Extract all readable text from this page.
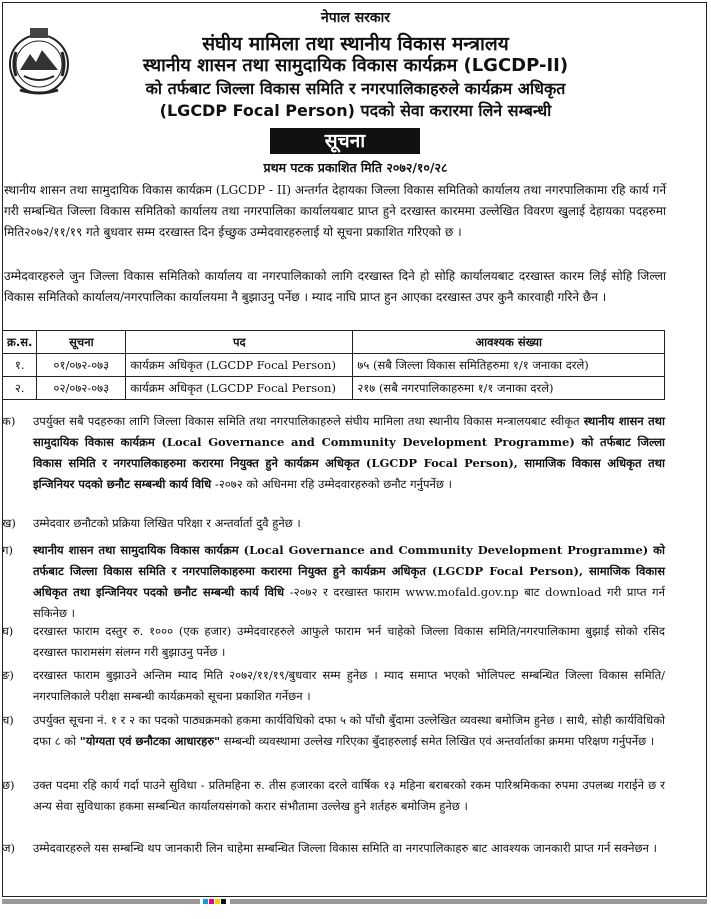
नेपाल सरकार
संघीय मामिला तथा स्थानीय विकास मन्त्रालय
स्थानीय शासन तथा सामुदायिक विकास कार्यक्रम (LGCDP-II)
को तर्फबाट जिल्ला विकास समिति र नगरपालिकाहरुले कार्यक्रम अधिकृत
(LGCDP Focal Person) पदको सेवा करारमा लिने सम्बन्धी
सूचना
प्रथम पटक प्रकाशित मिति २०७२/१०/२८
स्थानीय शासन तथा सामुदायिक विकास कार्यक्रम (LGCDP - II) अन्तर्गत देहायका जिल्ला विकास समितिको कार्यालय तथा नगरपालिकामा रहि कार्य गर्ने गरी सम्बन्धित जिल्ला विकास समितिको कार्यालय तथा नगरपालिका कार्यालयबाट प्राप्त हुने दरखास्त कारममा उल्लेखित विवरण खुलाई देहायका पदहरुमा मिति२०७२/११/१९ गते बुधवार सम्म दरखास्त दिन ईच्छुक उम्मेदवारहरुलाई यो सूचना प्रकाशित गरिएको छ ।
उम्मेदवारहरुले जुन जिल्ला विकास समितिको कार्यालय वा नगरपालिकाको लागि दरखास्त दिने हो सोहि कार्यालयबाट दरखास्त कारम लिई सोहि जिल्ला विकास समितिको कार्यालय/नगरपालिका कार्यालयमा नै बुझाउनु पर्नेछ । म्याद नाघि प्राप्त हुन आएका दरखास्त उपर कुनै कारवाही गरिने छैन ।
क्र.स.	सूचना	पद	आवश्यक संख्या
१.	०१/०७२-०७३	कार्यक्रम अधिकृत (LGCDP Focal Person)	७५ (सबै जिल्ला विकास समितिहरुमा १/१ जनाका दरले)
२.	०२/०७२-०७३	कार्यक्रम अधिकृत (LGCDP Focal Person)	२१७ (सबै नगरपालिकाहरुमा १/१ जनाका दरले)
क)	उपर्युक्त सबै पदहरुका लागि जिल्ला विकास समिति तथा नगरपालिकाहरुले संघीय मामिला तथा स्थानीय विकास मन्त्रालयबाट स्वीकृत स्थानीय शासन तथा सामुदायिक विकास कार्यक्रम (Local Governance and Community Development Programme) को तर्फबाट जिल्ला विकास समिति र नगरपालिकाहरुमा करारमा नियुक्त हुने कार्यक्रम अधिकृत (LGCDP Focal Person), सामाजिक विकास अधिकृत तथा इन्जिनियर पदको छनौट सम्बन्धी कार्य विधि -२०७२ को अधिनमा रहि उम्मेदवारहरुको छनौट गर्नुपर्नेछ ।
ख)	उम्मेदवार छनौटको प्रक्रिया लिखित परिक्षा र अन्तर्वार्ता दुवै हुनेछ ।
ग)	स्थानीय शासन तथा सामुदायिक विकास कार्यक्रम (Local Governance and Community Development Programme) को तर्फबाट जिल्ला विकास समिति र नगरपालिकाहरुमा करारमा नियुक्त हुने कार्यक्रम अधिकृत (LGCDP Focal Person), सामाजिक विकास अधिकृत तथा इन्जिनियर पदको छनौट सम्बन्धी कार्य विधि -२०७२ र दरखास्त फाराम www.mofald.gov.np बाट download गरी प्राप्त गर्न सकिनेछ ।
घ)	दरखास्त फाराम दस्तुर रु. १००० (एक हजार) उम्मेदवारहरुले आफुले फाराम भर्न चाहेको जिल्ला विकास समिति/नगरपालिकामा बुझाई सोको रसिद दरखास्त फारामसंग संलग्न गरी बुझाउनु पर्नेछ ।
ङ)	दरखास्त फाराम बुझाउने अन्तिम म्याद मिति २०७२/११/१९/बुधवार सम्म हुनेछ । म्याद समाप्त भएको भोलिपल्ट सम्बन्धित जिल्ला विकास समिति/नगरपालिकाले परीक्षा सम्बन्धी कार्यक्रमको सूचना प्रकाशित गर्नेछन ।
च)	उपर्युक्त सूचना नं. १ र २ का पदको पाठ्यक्रमको हकमा कार्यविधिको दफा ५ को पाँचौ बुँदामा उल्लेखित व्यवस्था बमोजिम हुनेछ । साथै, सोही कार्यविधिको दफा ८ को "योग्यता एवं छनौटका आधारहरु" सम्बन्धी व्यवस्थामा उल्लेख गरिएका बुँदाहरुलाई समेत लिखित एवं अन्तर्वार्ताका क्रममा परिक्षण गर्नुपर्नेछ ।
छ)	उक्त पदमा रहि कार्य गर्दा पाउने सुविधा - प्रतिमहिना रु. तीस हजारका दरले वार्षिक १३ महिना बराबरको रकम पारिश्रमिकका रुपमा उपलब्ध गराईने छ र अन्य सेवा सुविधाका हकमा सम्बन्धित कार्यालयसंगको करार संभौतामा उल्लेख हुने शर्तहरु बमोजिम हुनेछ ।
ज)	उम्मेदवारहरुले यस सम्बन्धि थप जानकारी लिन चाहेमा सम्बन्धित जिल्ला विकास समिति वा नगरपालिकाहरु बाट आवश्यक जानकारी प्राप्त गर्न सक्नेछन ।
